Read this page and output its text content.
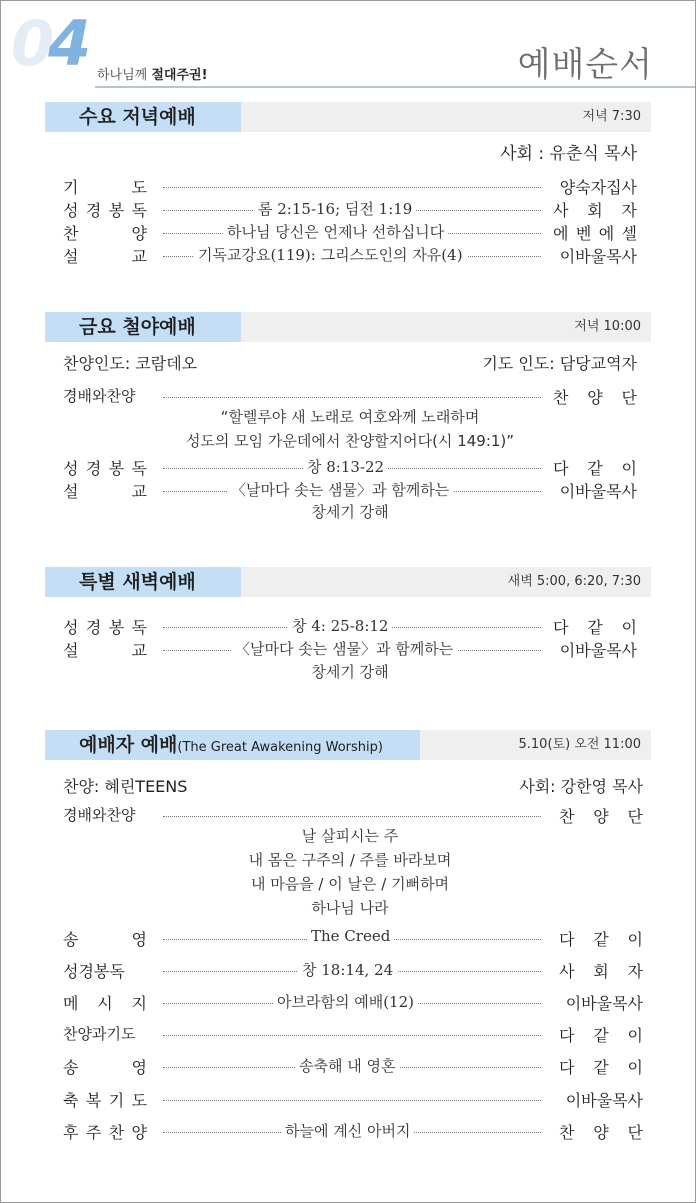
04 하나님께 절대주권!	예배순서
수요 저녁예배	저녁 7:30
사회 : 유춘식 목사
기	도	양숙자집사
성 경 봉 독	롬 2:15-16; 딤전 1:19	사 회 자
찬	양	하나님 당신은 언제나 선하십니다	에 벤 에 셀
설	교	기독교강요(119): 그리스도인의 자유(4)	이바울목사
금요 철야예배	저녁 10:00
찬양인도: 코람데오	기도 인도: 담당교역자
경배와찬양	찬 양 단
“할렐루야 새 노래로 여호와께 노래하며
성도의 모임 가운데에서 찬양할지어다(시 149:1)”
성 경 봉 독	창 8:13-22	다 같 이
설	교	〈날마다 솟는 샘물〉과 함께하는	이바울목사
창세기 강해
특별 새벽예배	새벽 5:00, 6:20, 7:30
성 경 봉 독	창 4: 25-8:12	다 같 이
설	교	〈날마다 솟는 샘물〉과 함께하는	이바울목사
창세기 강해
예배자 예배(The Great Awakening Worship)	5.10(토) 오전 11:00
찬양: 혜린TEENS	사회: 강한영 목사
경배와찬양	찬 양 단
날 살피시는 주
내 몸은 구주의 / 주를 바라보며
내 마음을 / 이 날은 / 기뻐하며
하나님 나라
송	영	The Creed	다 같 이
성경봉독	창 18:14, 24	사 회 자
메 시 지	아브라함의 예배(12)	이바울목사
찬양과기도	다 같 이
송	영	송축해 내 영혼	다 같 이
축 복 기 도	이바울목사
후 주 찬 양	하늘에 계신 아버지	찬 양 단
